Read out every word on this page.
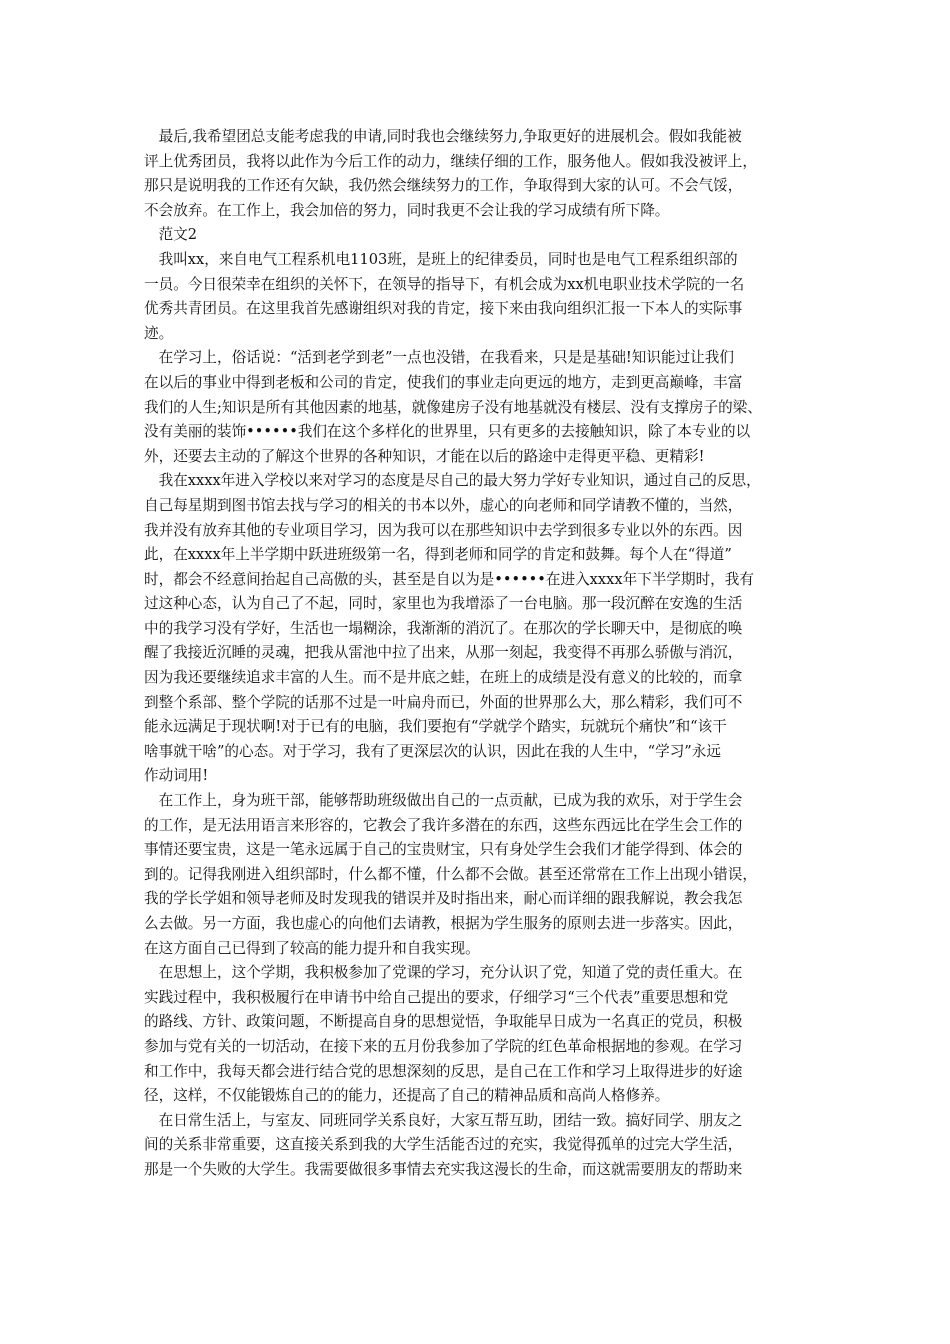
　最后,我希望团总支能考虑我的申请,同时我也会继续努力,争取更好的进展机会。假如我能被
评上优秀团员，我将以此作为今后工作的动力，继续仔细的工作，服务他人。假如我没被评上，
那只是说明我的工作还有欠缺，我仍然会继续努力的工作，争取得到大家的认可。不会气馁，
不会放弃。在工作上，我会加倍的努力，同时我更不会让我的学习成绩有所下降。
　范文2
　我叫xx，来自电气工程系机电1103班，是班上的纪律委员，同时也是电气工程系组织部的
一员。今日很荣幸在组织的关怀下，在领导的指导下，有机会成为xx机电职业技术学院的一名
优秀共青团员。在这里我首先感谢组织对我的肯定，接下来由我向组织汇报一下本人的实际事
迹。
　在学习上，俗话说：“活到老学到老”一点也没错，在我看来，只是是基础!知识能过让我们
在以后的事业中得到老板和公司的肯定，使我们的事业走向更远的地方，走到更高巅峰，丰富
我们的人生;知识是所有其他因素的地基，就像建房子没有地基就没有楼层、没有支撑房子的梁、
没有美丽的装饰••••••我们在这个多样化的世界里，只有更多的去接触知识，除了本专业的以
外，还要去主动的了解这个世界的各种知识，才能在以后的路途中走得更平稳、更精彩!
　我在xxxx年进入学校以来对学习的态度是尽自己的最大努力学好专业知识，通过自己的反思，
自己每星期到图书馆去找与学习的相关的书本以外，虚心的向老师和同学请教不懂的，当然，
我并没有放弃其他的专业项目学习，因为我可以在那些知识中去学到很多专业以外的东西。因
此，在xxxx年上半学期中跃进班级第一名，得到老师和同学的肯定和鼓舞。每个人在“得道”
时，都会不经意间抬起自己高傲的头，甚至是自以为是••••••在进入xxxx年下半学期时，我有
过这种心态，认为自己了不起，同时，家里也为我增添了一台电脑。那一段沉醉在安逸的生活
中的我学习没有学好，生活也一塌糊涂，我渐渐的消沉了。在那次的学长聊天中，是彻底的唤
醒了我接近沉睡的灵魂，把我从雷池中拉了出来，从那一刻起，我变得不再那么骄傲与消沉，
因为我还要继续追求丰富的人生。而不是井底之蛙，在班上的成绩是没有意义的比较的，而拿
到整个系部、整个学院的话那不过是一叶扁舟而已，外面的世界那么大，那么精彩，我们可不
能永远满足于现状啊!对于已有的电脑，我们要抱有“学就学个踏实，玩就玩个痛快”和“该干
啥事就干啥”的心态。对于学习，我有了更深层次的认识，因此在我的人生中，“学习”永远
作动词用!
　在工作上，身为班干部，能够帮助班级做出自己的一点贡献，已成为我的欢乐，对于学生会
的工作，是无法用语言来形容的，它教会了我许多潜在的东西，这些东西远比在学生会工作的
事情还要宝贵，这是一笔永远属于自己的宝贵财宝，只有身处学生会我们才能学得到、体会的
到的。记得我刚进入组织部时，什么都不懂，什么都不会做。甚至还常常在工作上出现小错误，
我的学长学姐和领导老师及时发现我的错误并及时指出来，耐心而详细的跟我解说，教会我怎
么去做。另一方面，我也虚心的向他们去请教，根据为学生服务的原则去进一步落实。因此，
在这方面自己已得到了较高的能力提升和自我实现。
　在思想上，这个学期，我积极参加了党课的学习，充分认识了党，知道了党的责任重大。在
实践过程中，我积极履行在申请书中给自己提出的要求，仔细学习“三个代表”重要思想和党
的路线、方针、政策问题，不断提高自身的思想觉悟，争取能早日成为一名真正的党员，积极
参加与党有关的一切活动，在接下来的五月份我参加了学院的红色革命根据地的参观。在学习
和工作中，我每天都会进行结合党的思想深刻的反思，是自己在工作和学习上取得进步的好途
径，这样，不仅能锻炼自己的的能力，还提高了自己的精神品质和高尚人格修养。
　在日常生活上，与室友、同班同学关系良好，大家互帮互助，团结一致。搞好同学、朋友之
间的关系非常重要，这直接关系到我的大学生活能否过的充实，我觉得孤单的过完大学生活，
那是一个失败的大学生。我需要做很多事情去充实我这漫长的生命，而这就需要朋友的帮助来
